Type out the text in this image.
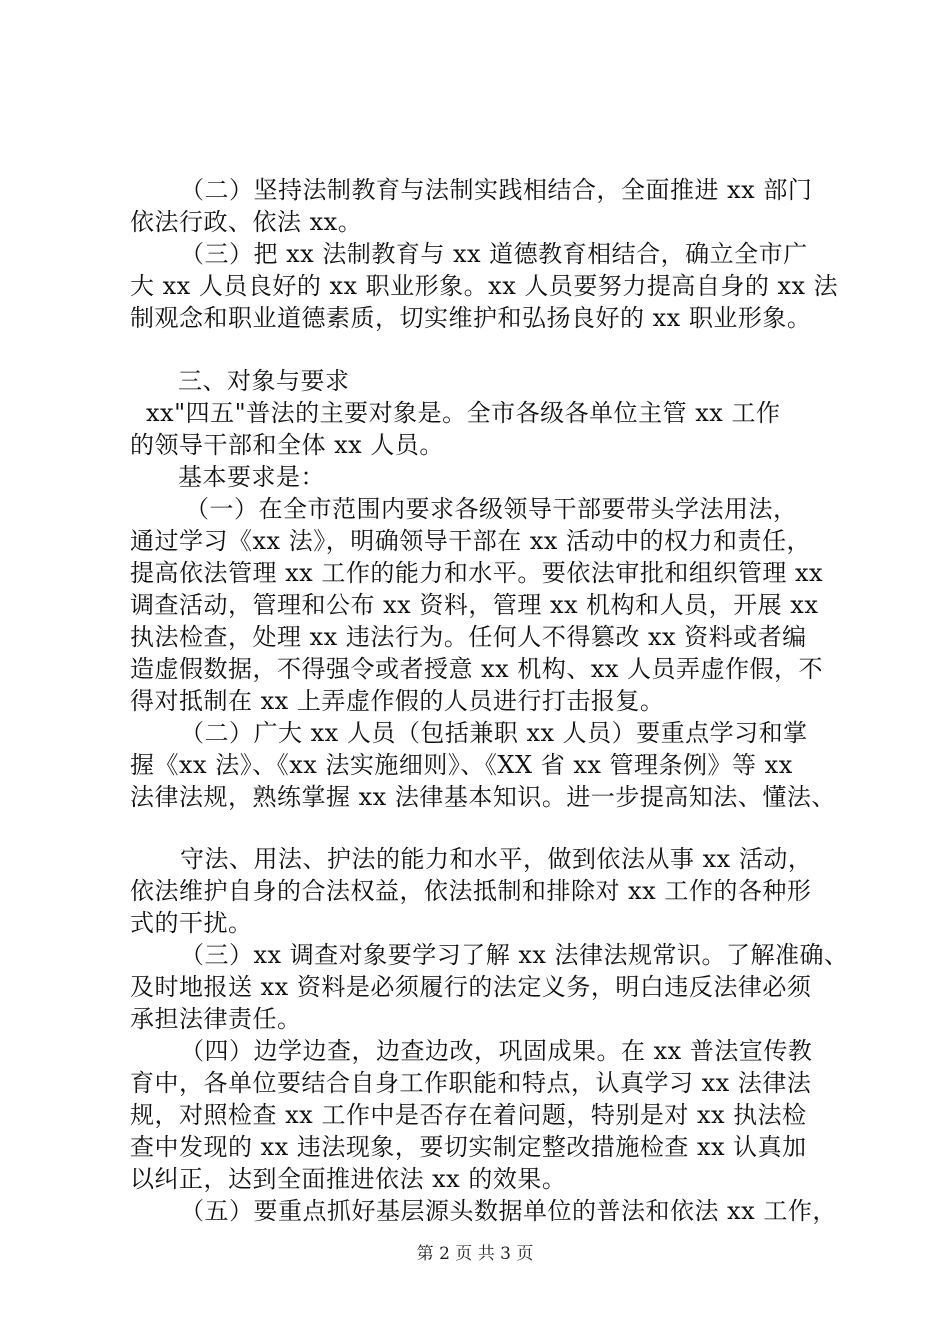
（二）坚持法制教育与法制实践相结合，全面推进 xx 部门
依法行政、依法 xx。
（三）把 xx 法制教育与 xx 道德教育相结合，确立全市广
大 xx 人员良好的 xx 职业形象。xx 人员要努力提高自身的 xx 法
制观念和职业道德素质，切实维护和弘扬良好的 xx 职业形象。
三、对象与要求
xx"四五"普法的主要对象是。全市各级各单位主管 xx 工作
的领导干部和全体 xx 人员。
基本要求是：
（一）在全市范围内要求各级领导干部要带头学法用法，
通过学习《xx 法》，明确领导干部在 xx 活动中的权力和责任，
提高依法管理 xx 工作的能力和水平。要依法审批和组织管理 xx
调查活动，管理和公布 xx 资料，管理 xx 机构和人员，开展 xx
执法检查，处理 xx 违法行为。任何人不得篡改 xx 资料或者编
造虚假数据，不得强令或者授意 xx 机构、xx 人员弄虚作假，不
得对抵制在 xx 上弄虚作假的人员进行打击报复。
（二）广大 xx 人员（包括兼职 xx 人员）要重点学习和掌
握《xx 法》、《xx 法实施细则》、《XX 省 xx 管理条例》等 xx
法律法规，熟练掌握 xx 法律基本知识。进一步提高知法、懂法、
守法、用法、护法的能力和水平，做到依法从事 xx 活动，
依法维护自身的合法权益，依法抵制和排除对 xx 工作的各种形
式的干扰。
（三）xx 调查对象要学习了解 xx 法律法规常识。了解准确、
及时地报送 xx 资料是必须履行的法定义务，明白违反法律必须
承担法律责任。
（四）边学边查，边查边改，巩固成果。在 xx 普法宣传教
育中，各单位要结合自身工作职能和特点，认真学习 xx 法律法
规，对照检查 xx 工作中是否存在着问题，特别是对 xx 执法检
查中发现的 xx 违法现象，要切实制定整改措施检查 xx 认真加
以纠正，达到全面推进依法 xx 的效果。
（五）要重点抓好基层源头数据单位的普法和依法 xx 工作，
第 2 页 共 3 页
